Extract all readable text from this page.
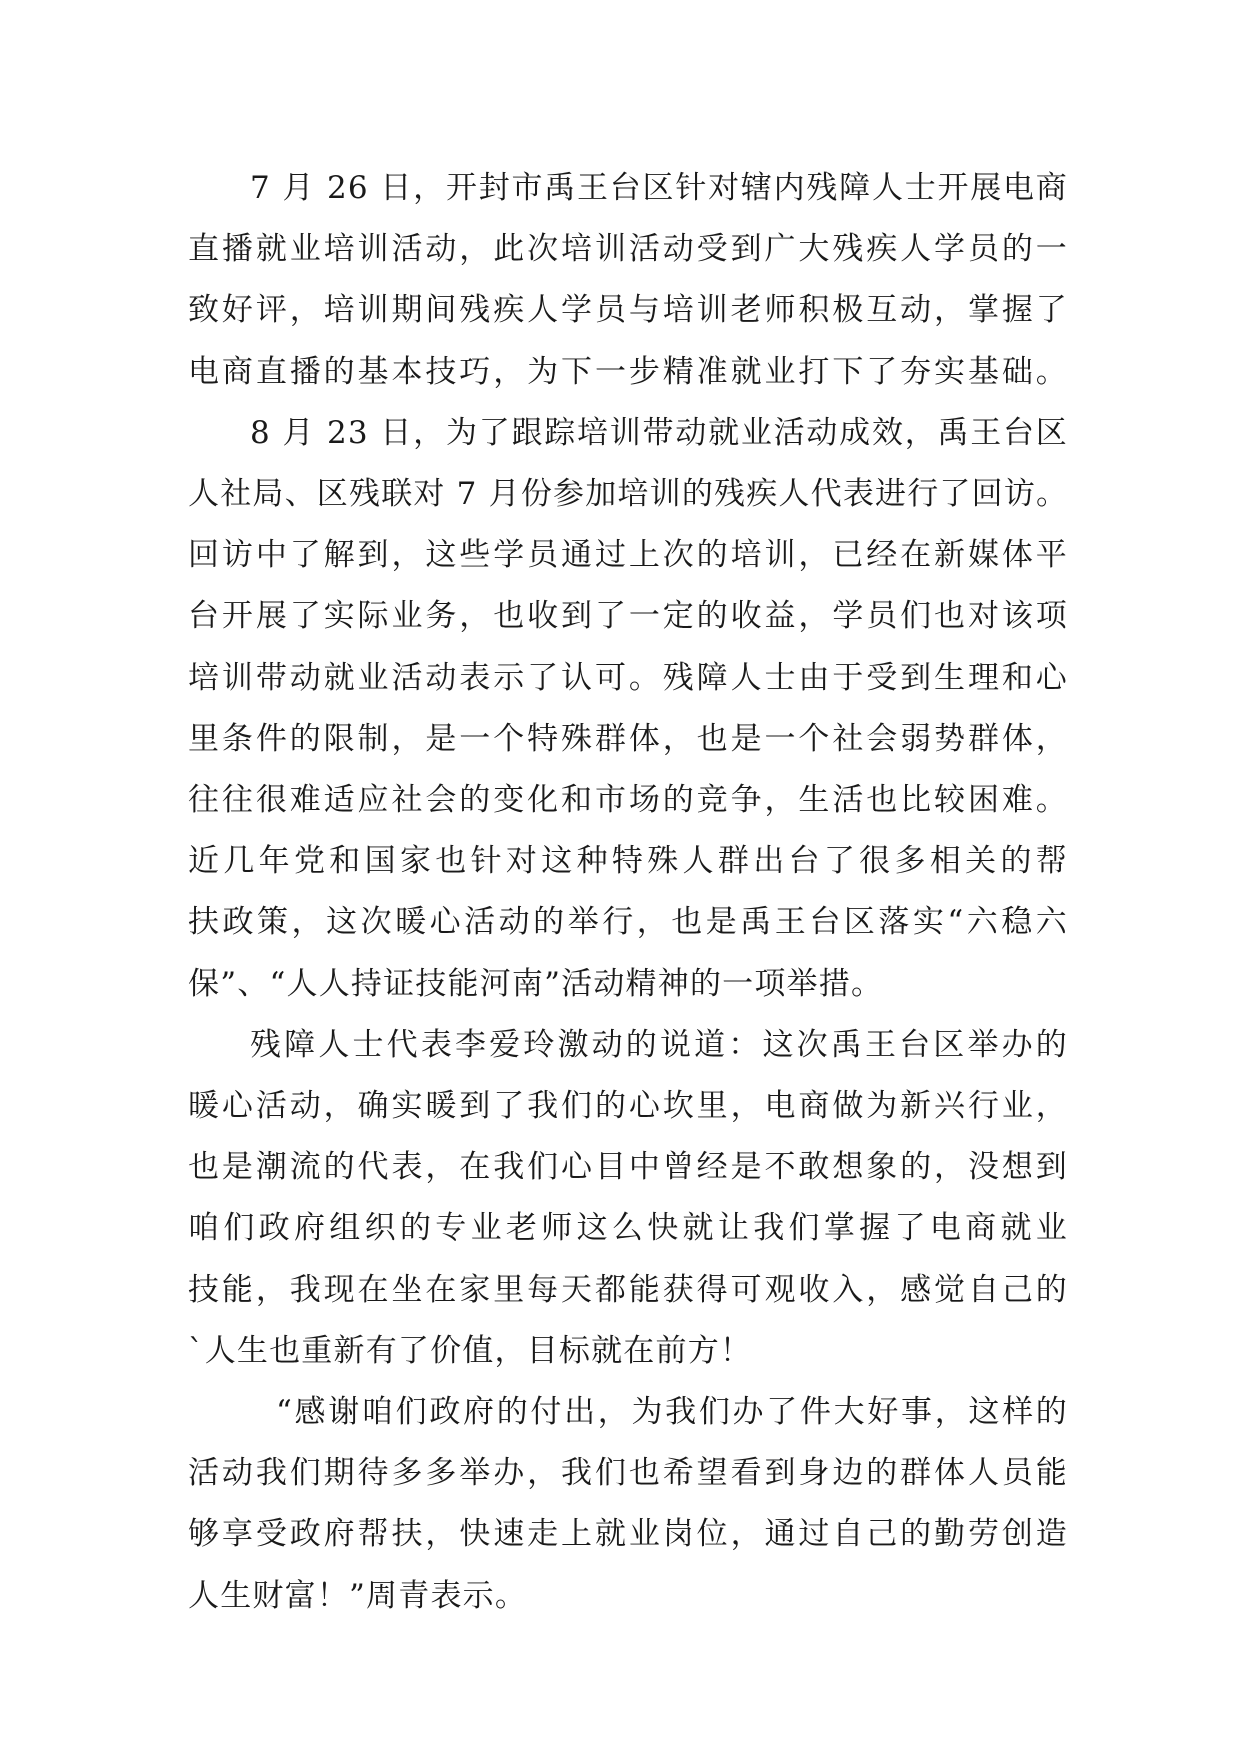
7 月 26 日，开封市禹王台区针对辖内残障人士开展电商
直播就业培训活动，此次培训活动受到广大残疾人学员的一
致好评，培训期间残疾人学员与培训老师积极互动，掌握了
电商直播的基本技巧，为下一步精准就业打下了夯实基础。

8 月 23 日，为了跟踪培训带动就业活动成效，禹王台区
人社局、区残联对 7 月份参加培训的残疾人代表进行了回访。
回访中了解到，这些学员通过上次的培训，已经在新媒体平
台开展了实际业务，也收到了一定的收益，学员们也对该项
培训带动就业活动表示了认可。残障人士由于受到生理和心
里条件的限制，是一个特殊群体，也是一个社会弱势群体，
往往很难适应社会的变化和市场的竞争，生活也比较困难。
近几年党和国家也针对这种特殊人群出台了很多相关的帮
扶政策，这次暖心活动的举行，也是禹王台区落实“六稳六
保”、“人人持证技能河南”活动精神的一项举措。

残障人士代表李爱玲激动的说道：这次禹王台区举办的
暖心活动，确实暖到了我们的心坎里，电商做为新兴行业，
也是潮流的代表，在我们心目中曾经是不敢想象的，没想到
咱们政府组织的专业老师这么快就让我们掌握了电商就业
技能，我现在坐在家里每天都能获得可观收入，感觉自己的
`人生也重新有了价值，目标就在前方！

“感谢咱们政府的付出，为我们办了件大好事，这样的
活动我们期待多多举办，我们也希望看到身边的群体人员能
够享受政府帮扶，快速走上就业岗位，通过自己的勤劳创造
人生财富！”周青表示。
